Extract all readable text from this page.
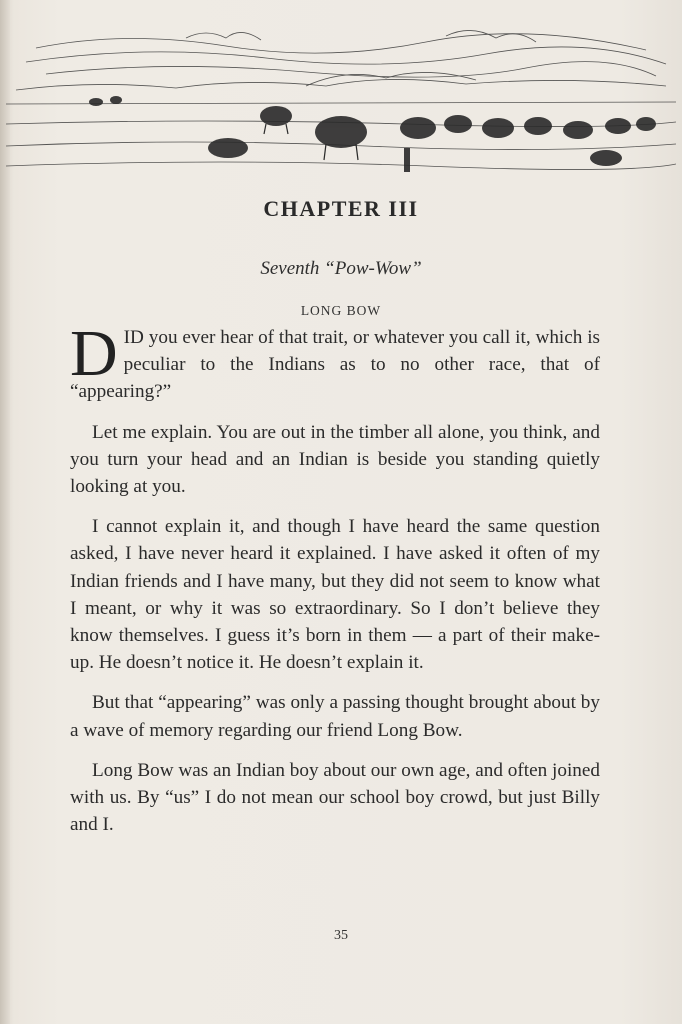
CHAPTER III
Seventh “Pow-Wow”
LONG BOW

DID you ever hear of that trait, or whatever you call it, which is peculiar to the Indians as to no other race, that of “appearing?”

Let me explain. You are out in the timber all alone, you think, and you turn your head and an Indian is beside you standing quietly looking at you.

I cannot explain it, and though I have heard the same question asked, I have never heard it explained. I have asked it often of my Indian friends and I have many, but they did not seem to know what I meant, or why it was so extraordinary. So I don’t believe they know themselves. I guess it’s born in them — a part of their make-up. He doesn’t notice it. He doesn’t explain it.

But that “appearing” was only a passing thought brought about by a wave of memory regarding our friend Long Bow.

Long Bow was an Indian boy about our own age, and often joined with us. By “us” I do not mean our school boy crowd, but just Billy and I.

35
